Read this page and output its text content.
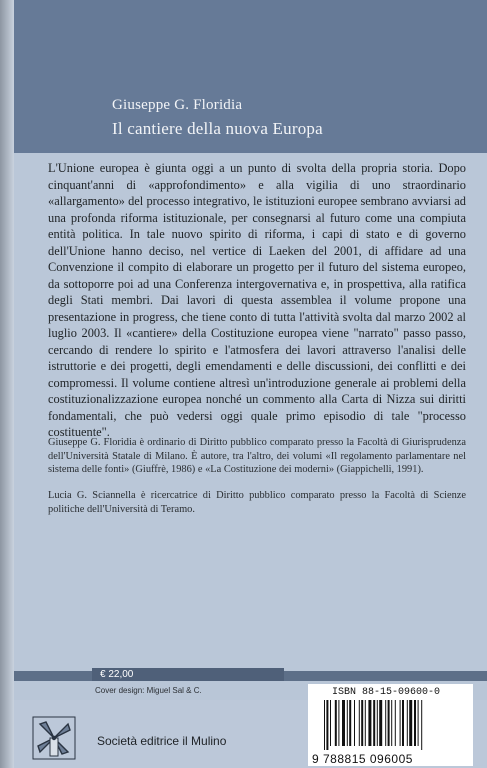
Giuseppe G. Floridia
Il cantiere della nuova Europa

L'Unione europea è giunta oggi a un punto di svolta della propria storia. Dopo cinquant'anni di «approfondimento» e alla vigilia di uno straordinario «allargamento» del processo integrativo, le istituzioni europee sembrano avviarsi ad una profonda riforma istituzionale, per consegnarsi al futuro come una compiuta entità politica. In tale nuovo spirito di riforma, i capi di stato e di governo dell'Unione hanno deciso, nel vertice di Laeken del 2001, di affidare ad una Convenzione il compito di elaborare un progetto per il futuro del sistema europeo, da sottoporre poi ad una Conferenza intergovernativa e, in prospettiva, alla ratifica degli Stati membri. Dai lavori di questa assemblea il volume propone una presentazione in progress, che tiene conto di tutta l'attività svolta dal marzo 2002 al luglio 2003. Il «cantiere» della Costituzione europea viene "narrato" passo passo, cercando di rendere lo spirito e l'atmosfera dei lavori attraverso l'analisi delle istruttorie e dei progetti, degli emendamenti e delle discussioni, dei conflitti e dei compromessi. Il volume contiene altresì un'introduzione generale ai problemi della costituzionalizzazione europea nonché un commento alla Carta di Nizza sui diritti fondamentali, che può vedersi oggi quale primo episodio di tale "processo costituente".

Giuseppe G. Floridia è ordinario di Diritto pubblico comparato presso la Facoltà di Giurisprudenza dell'Università Statale di Milano. È autore, tra l'altro, dei volumi «Il regolamento parlamentare nel sistema delle fonti» (Giuffrè, 1986) e «La Costituzione dei moderni» (Giappichelli, 1991).

Lucia G. Sciannella è ricercatrice di Diritto pubblico comparato presso la Facoltà di Scienze politiche dell'Università di Teramo.

€ 22,00
Cover design: Miguel Sal & C.
Società editrice il Mulino
ISBN 88-15-09600-0
9 788815 096005
